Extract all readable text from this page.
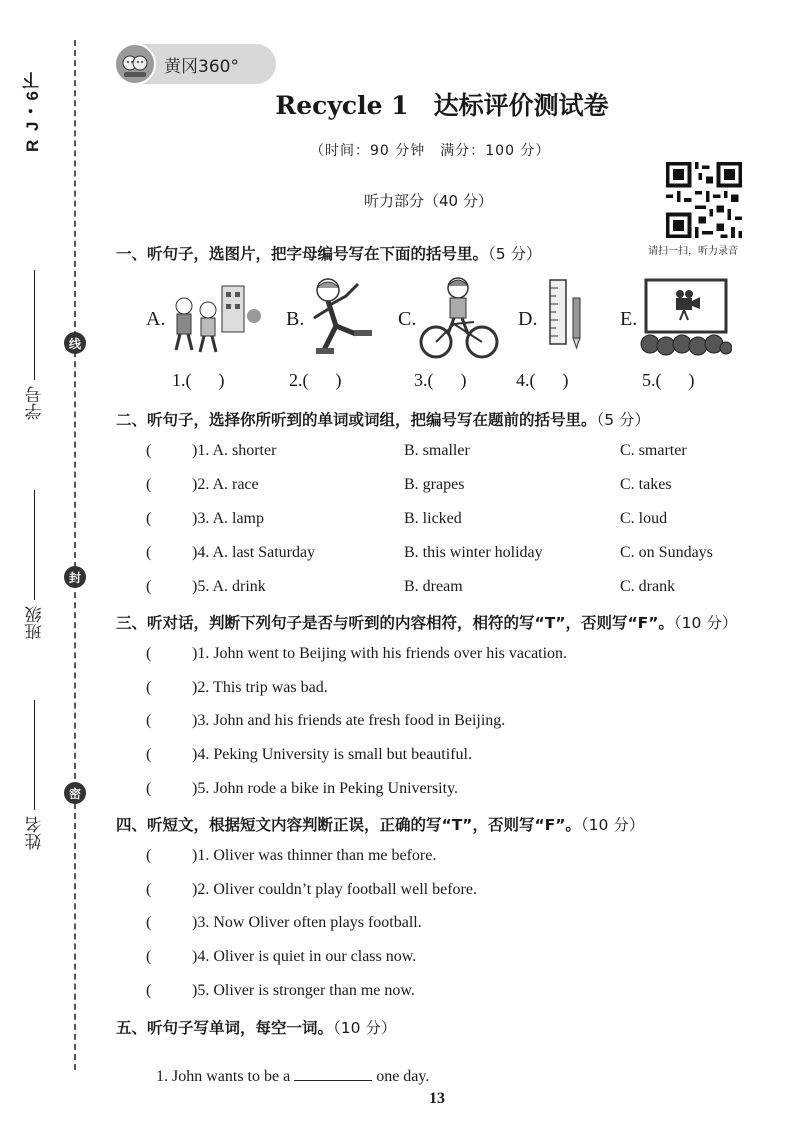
R J・6下
学号
班级
姓名
线
封
密
黄冈360°
Recycle 1　达标评价测试卷
（时间：90 分钟　满分：100 分）
听力部分（40 分）
请扫一扫，听力录音
一、听句子，选图片，把字母编号写在下面的括号里。（5 分）
A.	B.	C.	D.	E.
1.(      )	2.(      )	3.(      )	4.(      )	5.(      )
二、听句子，选择你所听到的单词或词组，把编号写在题前的括号里。（5 分）
(	)1. A. shorter	B. smaller	C. smarter
(	)2. A. race	B. grapes	C. takes
(	)3. A. lamp	B. licked	C. loud
(	)4. A. last Saturday	B. this winter holiday	C. on Sundays
(	)5. A. drink	B. dream	C. drank
三、听对话，判断下列句子是否与听到的内容相符，相符的写“T”，否则写“F”。（10 分）
(	)1. John went to Beijing with his friends over his vacation.
(	)2. This trip was bad.
(	)3. John and his friends ate fresh food in Beijing.
(	)4. Peking University is small but beautiful.
(	)5. John rode a bike in Peking University.
四、听短文，根据短文内容判断正误，正确的写“T”，否则写“F”。（10 分）
(	)1. Oliver was thinner than me before.
(	)2. Oliver couldn’t play football well before.
(	)3. Now Oliver often plays football.
(	)4. Oliver is quiet in our class now.
(	)5. Oliver is stronger than me now.
五、听句子写单词，每空一词。（10 分）

1. John wants to be a	one day.

13
